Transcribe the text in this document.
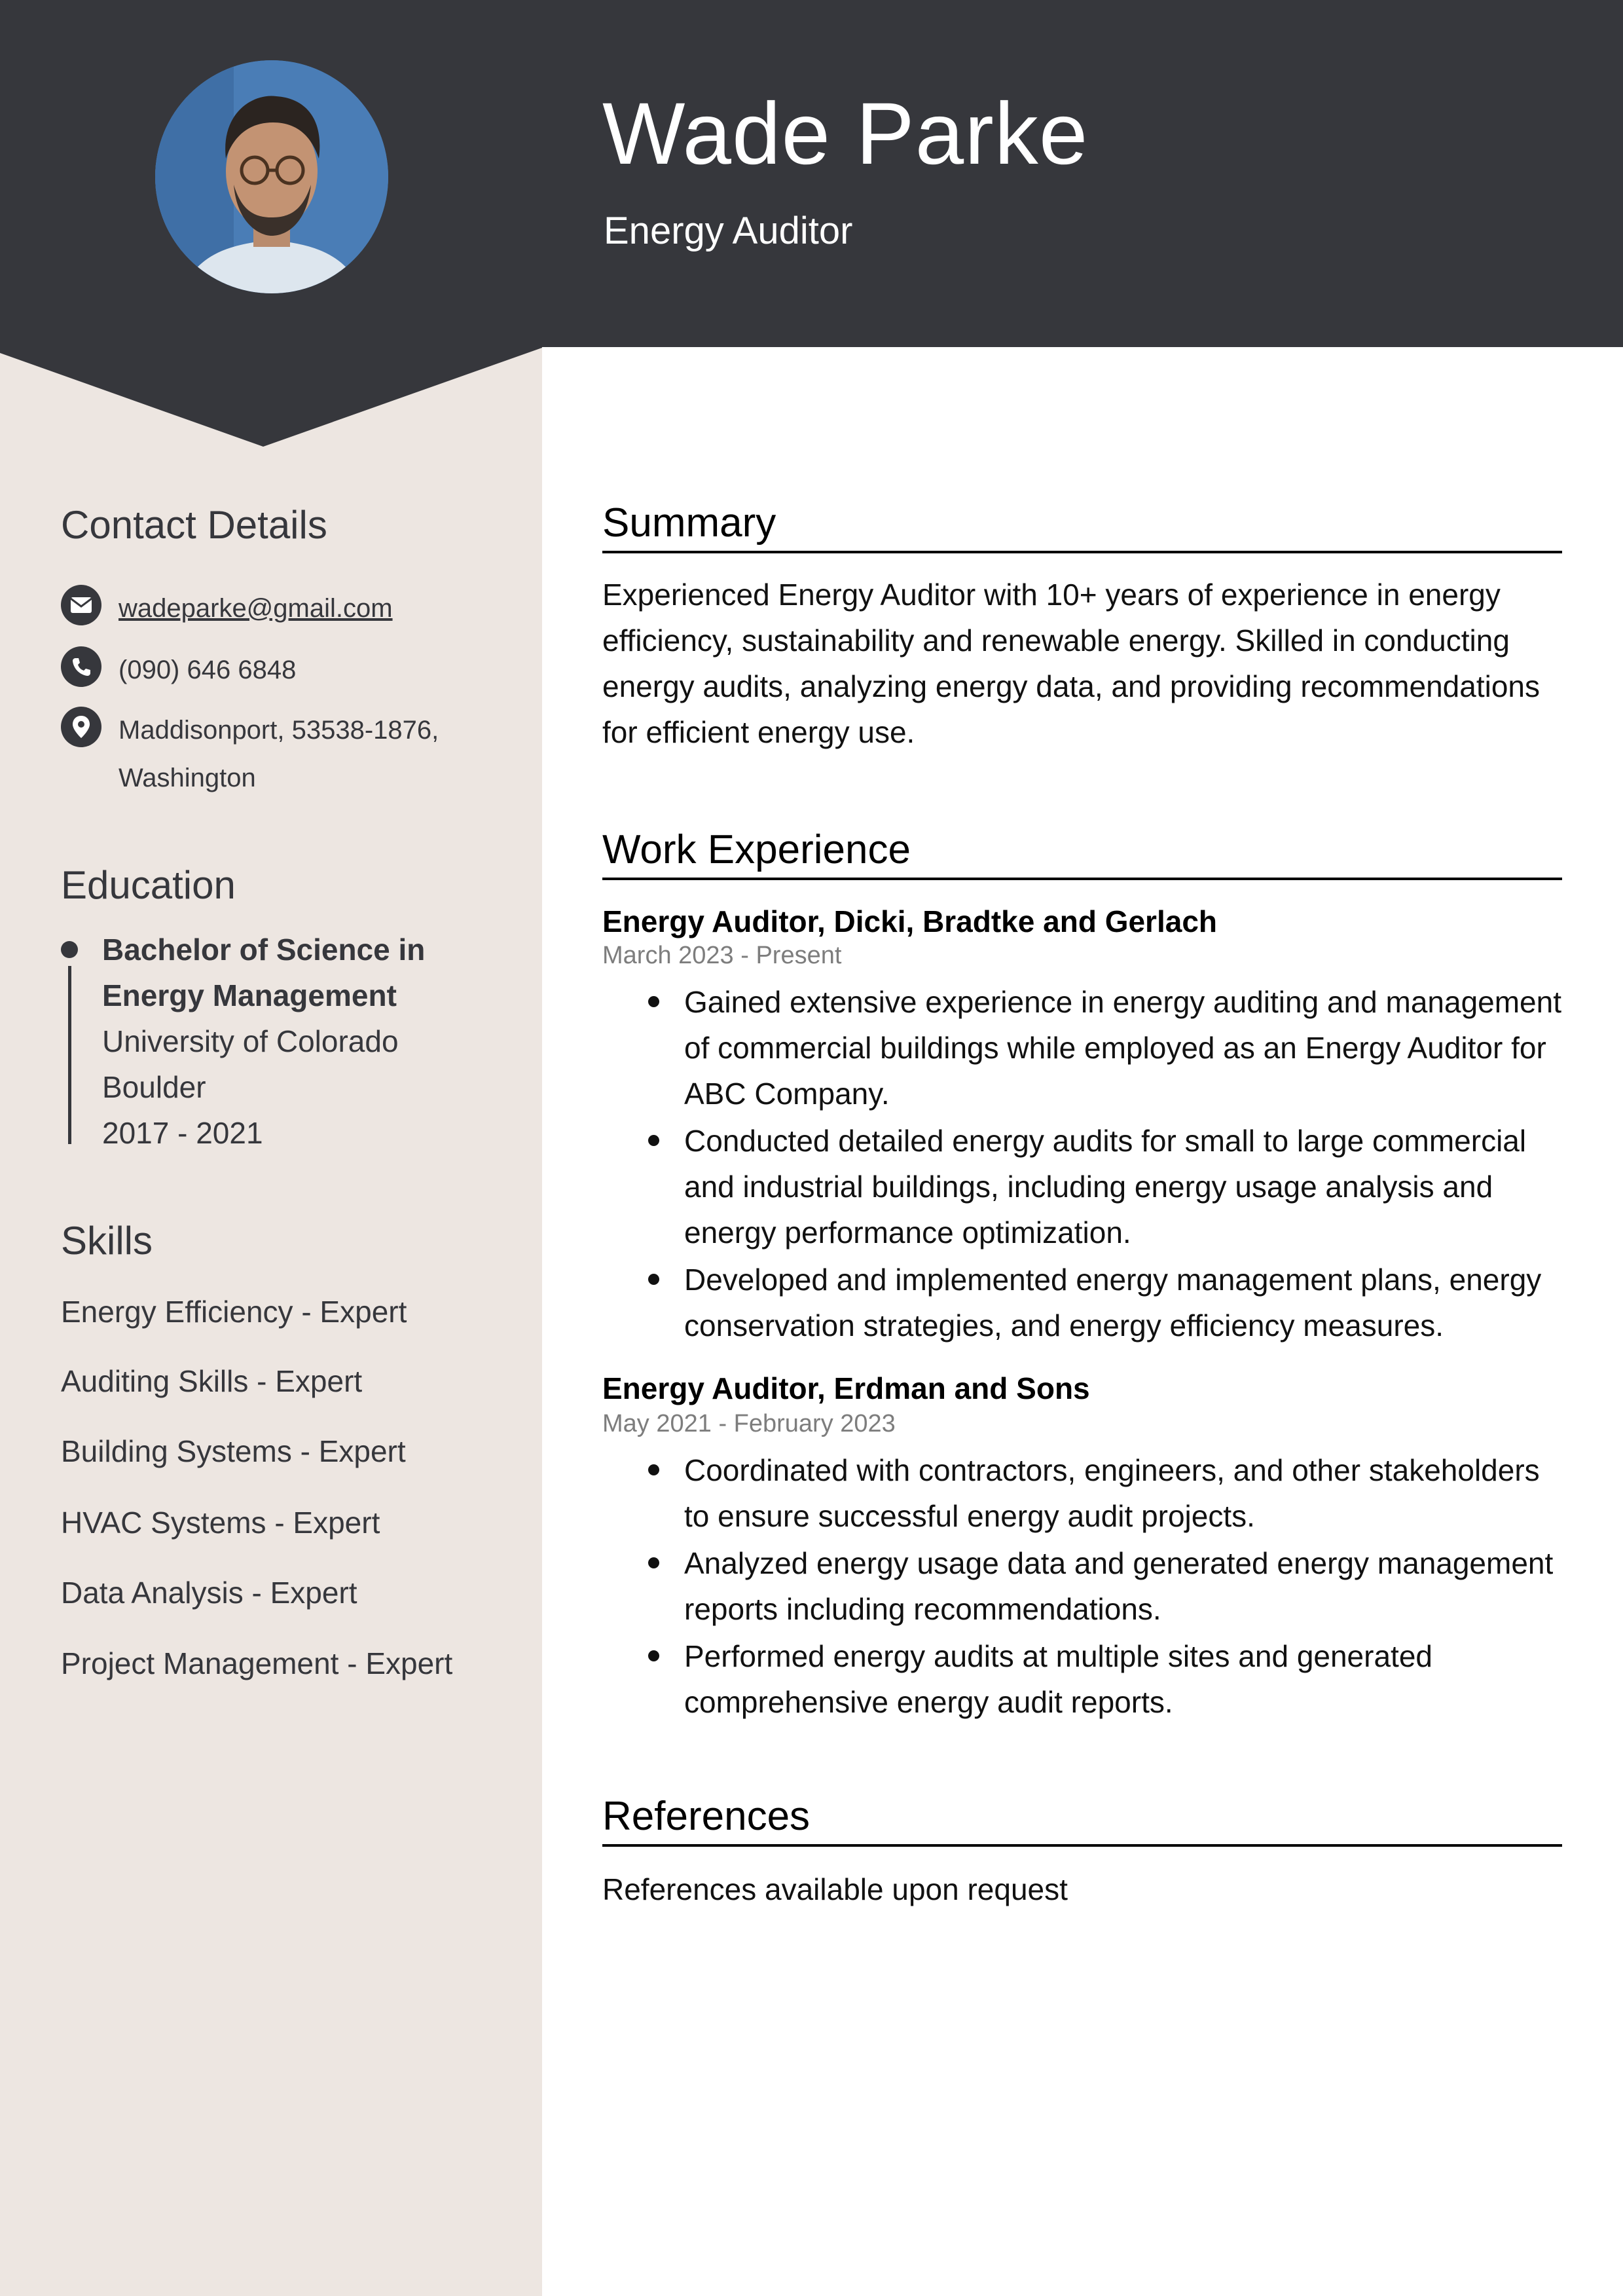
Wade Parke
Energy Auditor
Contact Details
wadeparke@gmail.com
(090) 646 6848
Maddisonport, 53538-1876,
Washington
Education
Bachelor of Science in
Energy Management
University of Colorado
Boulder
2017 - 2021
Skills
Energy Efficiency - Expert
Auditing Skills - Expert
Building Systems - Expert
HVAC Systems - Expert
Data Analysis - Expert
Project Management - Expert
Summary
Experienced Energy Auditor with 10+ years of experience in energy efficiency, sustainability and renewable energy. Skilled in conducting energy audits, analyzing energy data, and providing recommendations for efficient energy use.
Work Experience
Energy Auditor, Dicki, Bradtke and Gerlach
March 2023 - Present
Gained extensive experience in energy auditing and management of commercial buildings while employed as an Energy Auditor for ABC Company.
Conducted detailed energy audits for small to large commercial and industrial buildings, including energy usage analysis and energy performance optimization.
Developed and implemented energy management plans, energy conservation strategies, and energy efficiency measures.
Energy Auditor, Erdman and Sons
May 2021 - February 2023
Coordinated with contractors, engineers, and other stakeholders to ensure successful energy audit projects.
Analyzed energy usage data and generated energy management reports including recommendations.
Performed energy audits at multiple sites and generated comprehensive energy audit reports.
References
References available upon request
